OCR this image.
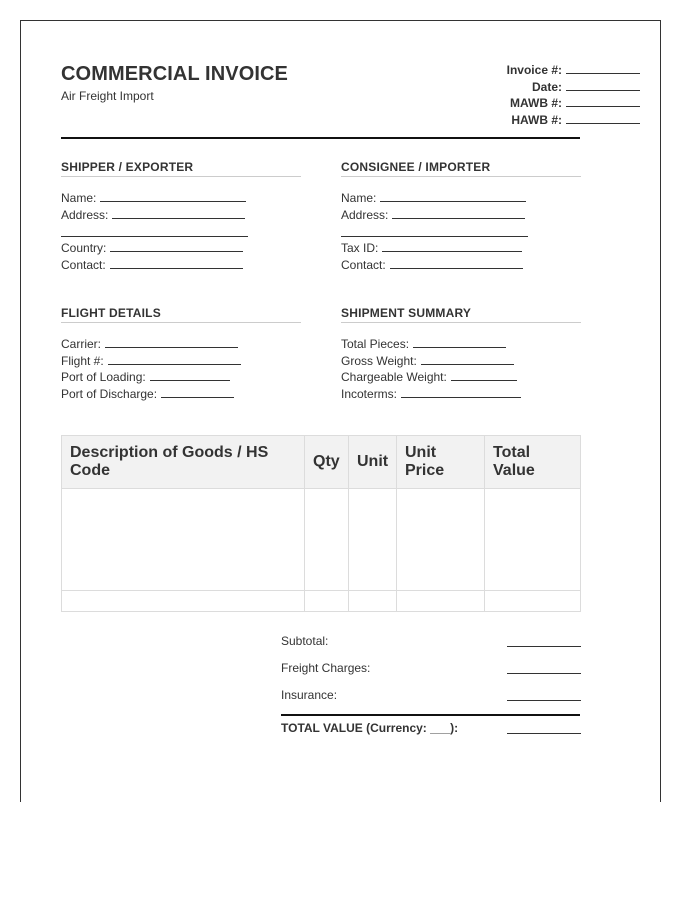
COMMERCIAL INVOICE
Air Freight Import
Invoice #:
Date:
MAWB #:
HAWB #:
SHIPPER / EXPORTER
Name:
Address:
Country:
Contact:
CONSIGNEE / IMPORTER
Name:
Address:
Tax ID:
Contact:
FLIGHT DETAILS
Carrier:
Flight #:
Port of Loading:
Port of Discharge:
SHIPMENT SUMMARY
Total Pieces:
Gross Weight:
Chargeable Weight:
Incoterms:
Description of Goods / HS Code	Qty	Unit	Unit Price	Total Value

Subtotal:
Freight Charges:
Insurance:
TOTAL VALUE (Currency: ___):
